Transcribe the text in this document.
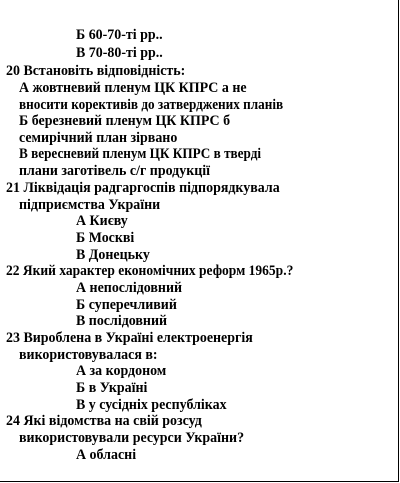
Б 60-70-ті рр..
В 70-80-ті рр..
20 Встановіть відповідність:
А жовтневий пленум ЦК КПРС а не
вносити корективів до затверджених планів
Б березневий пленум ЦК КПРС б
семирічний план зірвано
В вересневий пленум ЦК КПРС в тверді
плани заготівель с/г продукції
21 Ліквідація радгаргоспів підпорядкувала
підприємства України
А Києву
Б Москві
В Донецьку
22 Який характер економічних реформ 1965р.?
А непослідовний
Б суперечливий
В послідовний
23 Вироблена в Україні електроенергія
використовувалася в:
А за кордоном
Б в Україні
В у сусідніх республіках
24 Які відомства на свій розсуд
використовували ресурси України?
А обласні
